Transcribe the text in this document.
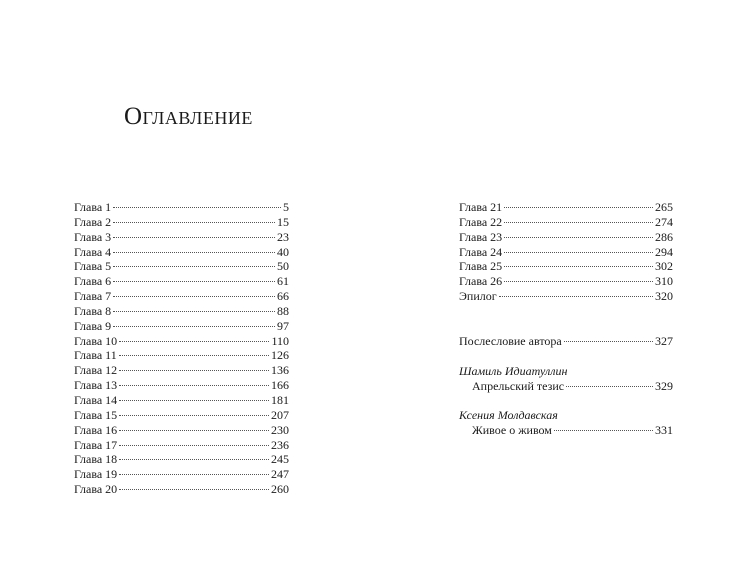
Оглавление
Глава 1	5
Глава 2	15
Глава 3	23
Глава 4	40
Глава 5	50
Глава 6	61
Глава 7	66
Глава 8	88
Глава 9	97
Глава 10	110
Глава 11	126
Глава 12	136
Глава 13	166
Глава 14	181
Глава 15	207
Глава 16	230
Глава 17	236
Глава 18	245
Глава 19	247
Глава 20	260
Глава 21	265
Глава 22	274
Глава 23	286
Глава 24	294
Глава 25	302
Глава 26	310
Эпилог	320
Послесловие автора	327
Шамиль Идиатуллин
Апрельский тезис	329
Ксения Молдавская
Живое о живом	331
